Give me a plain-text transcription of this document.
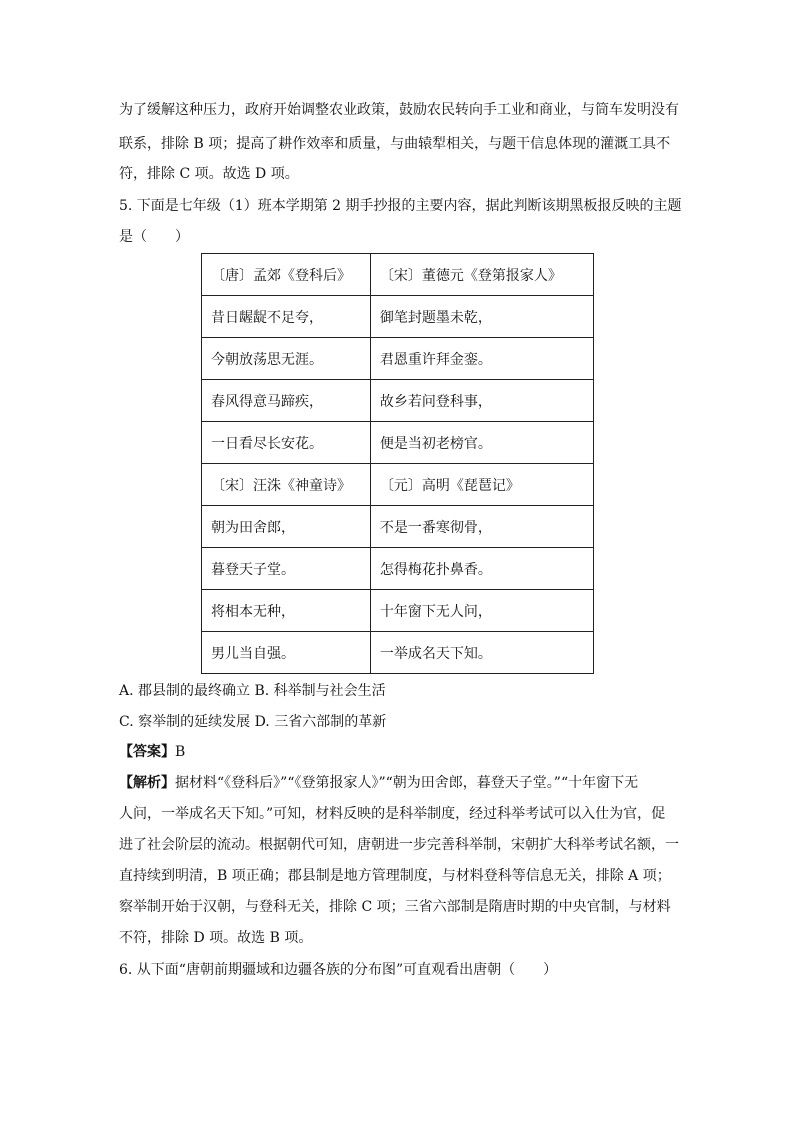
为了缓解这种压力，政府开始调整农业政策，鼓励农民转向手工业和商业，与筒车发明没有
联系，排除 B 项；提高了耕作效率和质量，与曲辕犁相关，与题干信息体现的灌溉工具不
符，排除 C 项。故选 D 项。
5. 下面是七年级（1）班本学期第 2 期手抄报的主要内容，据此判断该期黑板报反映的主题
是（　　）
〔唐〕孟郊《登科后》	〔宋〕董德元《登第报家人》
昔日龌龊不足夸，	御笔封题墨未乾，
今朝放荡思无涯。	君恩重许拜金銮。
春风得意马蹄疾，	故乡若问登科事，
一日看尽长安花。	便是当初老榜官。
〔宋〕汪洙《神童诗》	〔元〕高明《琵琶记》
朝为田舍郎，	不是一番寒彻骨，
暮登天子堂。	怎得梅花扑鼻香。
将相本无种，	十年窗下无人问，
男儿当自强。	一举成名天下知。
A. 郡县制的最终确立 B. 科举制与社会生活
C. 察举制的延续发展 D. 三省六部制的革新
【答案】B
【解析】据材料“《登科后》”“《登第报家人》”“朝为田舍郎，暮登天子堂。”“十年窗下无
人问，一举成名天下知。”可知，材料反映的是科举制度，经过科举考试可以入仕为官，促
进了社会阶层的流动。根据朝代可知，唐朝进一步完善科举制，宋朝扩大科举考试名额，一
直持续到明清，B 项正确；郡县制是地方管理制度，与材料登科等信息无关，排除 A 项；
察举制开始于汉朝，与登科无关，排除 C 项；三省六部制是隋唐时期的中央官制，与材料
不符，排除 D 项。故选 B 项。
6. 从下面“唐朝前期疆域和边疆各族的分布图”可直观看出唐朝（　　）
